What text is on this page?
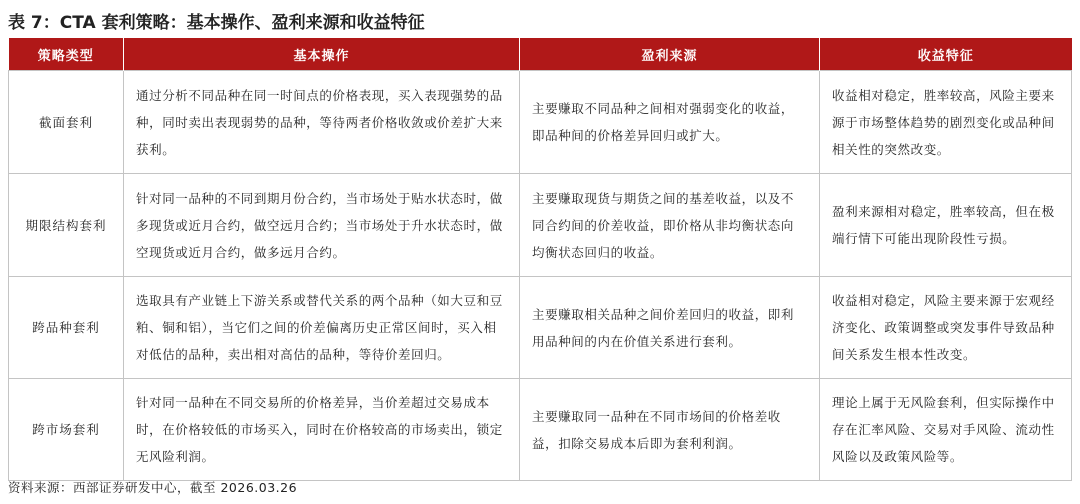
表 7：CTA 套利策略：基本操作、盈利来源和收益特征
策略类型	基本操作	盈利来源	收益特征
截面套利	通过分析不同品种在同一时间点的价格表现，买入表现强势的品种，同时卖出表现弱势的品种，等待两者价格收敛或价差扩大来获利。	主要赚取不同品种之间相对强弱变化的收益，即品种间的价格差异回归或扩大。	收益相对稳定，胜率较高，风险主要来源于市场整体趋势的剧烈变化或品种间相关性的突然改变。
期限结构套利	针对同一品种的不同到期月份合约，当市场处于贴水状态时，做多现货或近月合约，做空远月合约；当市场处于升水状态时，做空现货或近月合约，做多远月合约。	主要赚取现货与期货之间的基差收益，以及不同合约间的价差收益，即价格从非均衡状态向均衡状态回归的收益。	盈利来源相对稳定，胜率较高，但在极端行情下可能出现阶段性亏损。
跨品种套利	选取具有产业链上下游关系或替代关系的两个品种（如大豆和豆粕、铜和铝），当它们之间的价差偏离历史正常区间时，买入相对低估的品种，卖出相对高估的品种，等待价差回归。	主要赚取相关品种之间价差回归的收益，即利用品种间的内在价值关系进行套利。	收益相对稳定，风险主要来源于宏观经济变化、政策调整或突发事件导致品种间关系发生根本性改变。
跨市场套利	针对同一品种在不同交易所的价格差异，当价差超过交易成本时，在价格较低的市场买入，同时在价格较高的市场卖出，锁定无风险利润。	主要赚取同一品种在不同市场间的价格差收益，扣除交易成本后即为套利利润。	理论上属于无风险套利，但实际操作中存在汇率风险、交易对手风险、流动性风险以及政策风险等。
资料来源：西部证券研发中心，截至 2026.03.26
